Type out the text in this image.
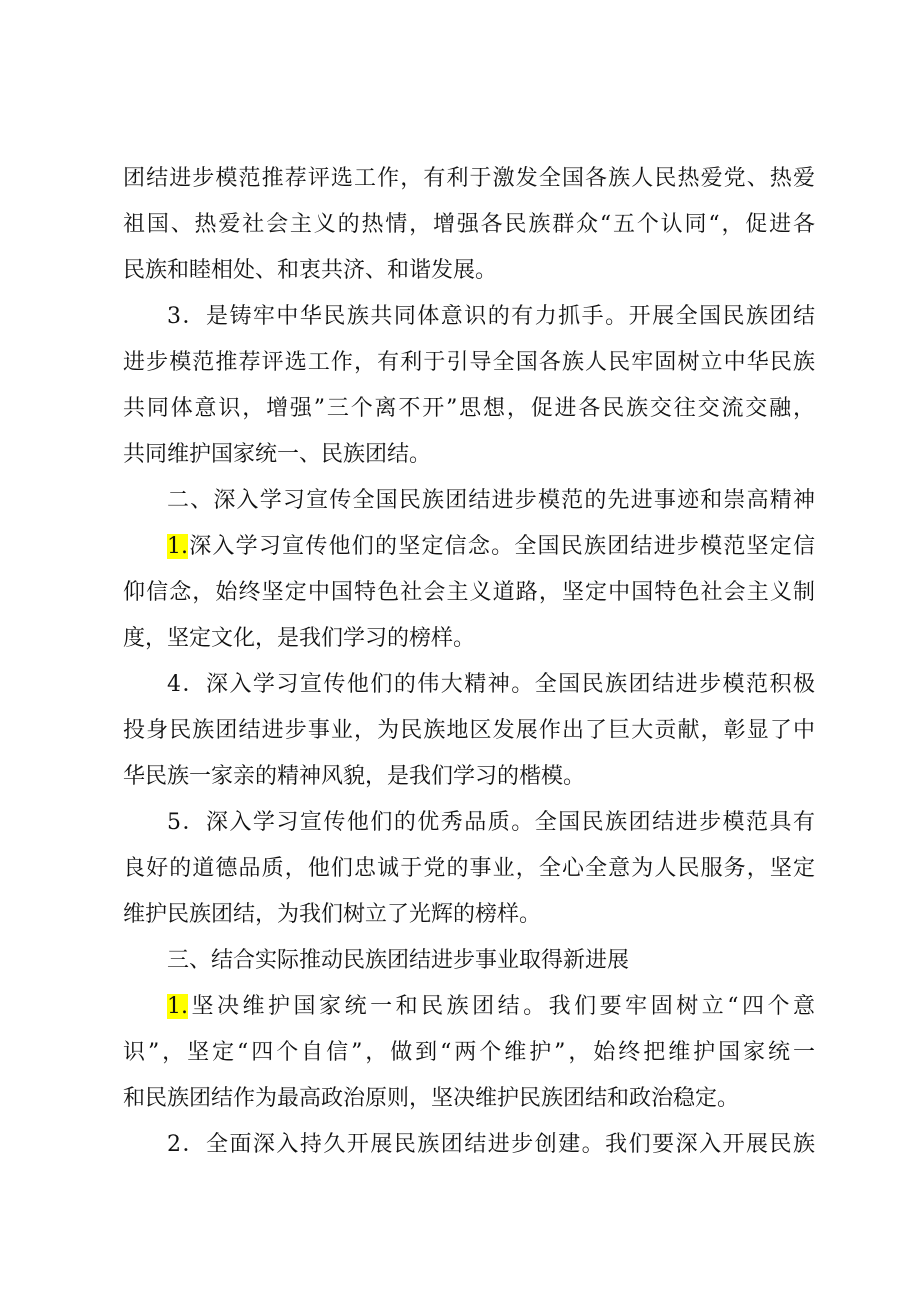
团结进步模范推荐评选工作，有利于激发全国各族人民热爱党、热爱
祖国、热爱社会主义的热情，增强各民族群众“五个认同“，促进各
民族和睦相处、和衷共济、和谐发展。
3．是铸牢中华民族共同体意识的有力抓手。开展全国民族团结
进步模范推荐评选工作，有利于引导全国各族人民牢固树立中华民族
共同体意识，增强”三个离不开”思想，促进各民族交往交流交融，
共同维护国家统一、民族团结。
二、深入学习宣传全国民族团结进步模范的先进事迹和崇高精神
1.深入学习宣传他们的坚定信念。全国民族团结进步模范坚定信
仰信念，始终坚定中国特色社会主义道路，坚定中国特色社会主义制
度，坚定文化，是我们学习的榜样。
4．深入学习宣传他们的伟大精神。全国民族团结进步模范积极
投身民族团结进步事业，为民族地区发展作出了巨大贡献，彰显了中
华民族一家亲的精神风貌，是我们学习的楷模。
5．深入学习宣传他们的优秀品质。全国民族团结进步模范具有
良好的道德品质，他们忠诚于党的事业，全心全意为人民服务，坚定
维护民族团结，为我们树立了光辉的榜样。
三、结合实际推动民族团结进步事业取得新进展
1.坚决维护国家统一和民族团结。我们要牢固树立“四个意
识”，坚定“四个自信”，做到“两个维护”，始终把维护国家统一
和民族团结作为最高政治原则，坚决维护民族团结和政治稳定。
2．全面深入持久开展民族团结进步创建。我们要深入开展民族
